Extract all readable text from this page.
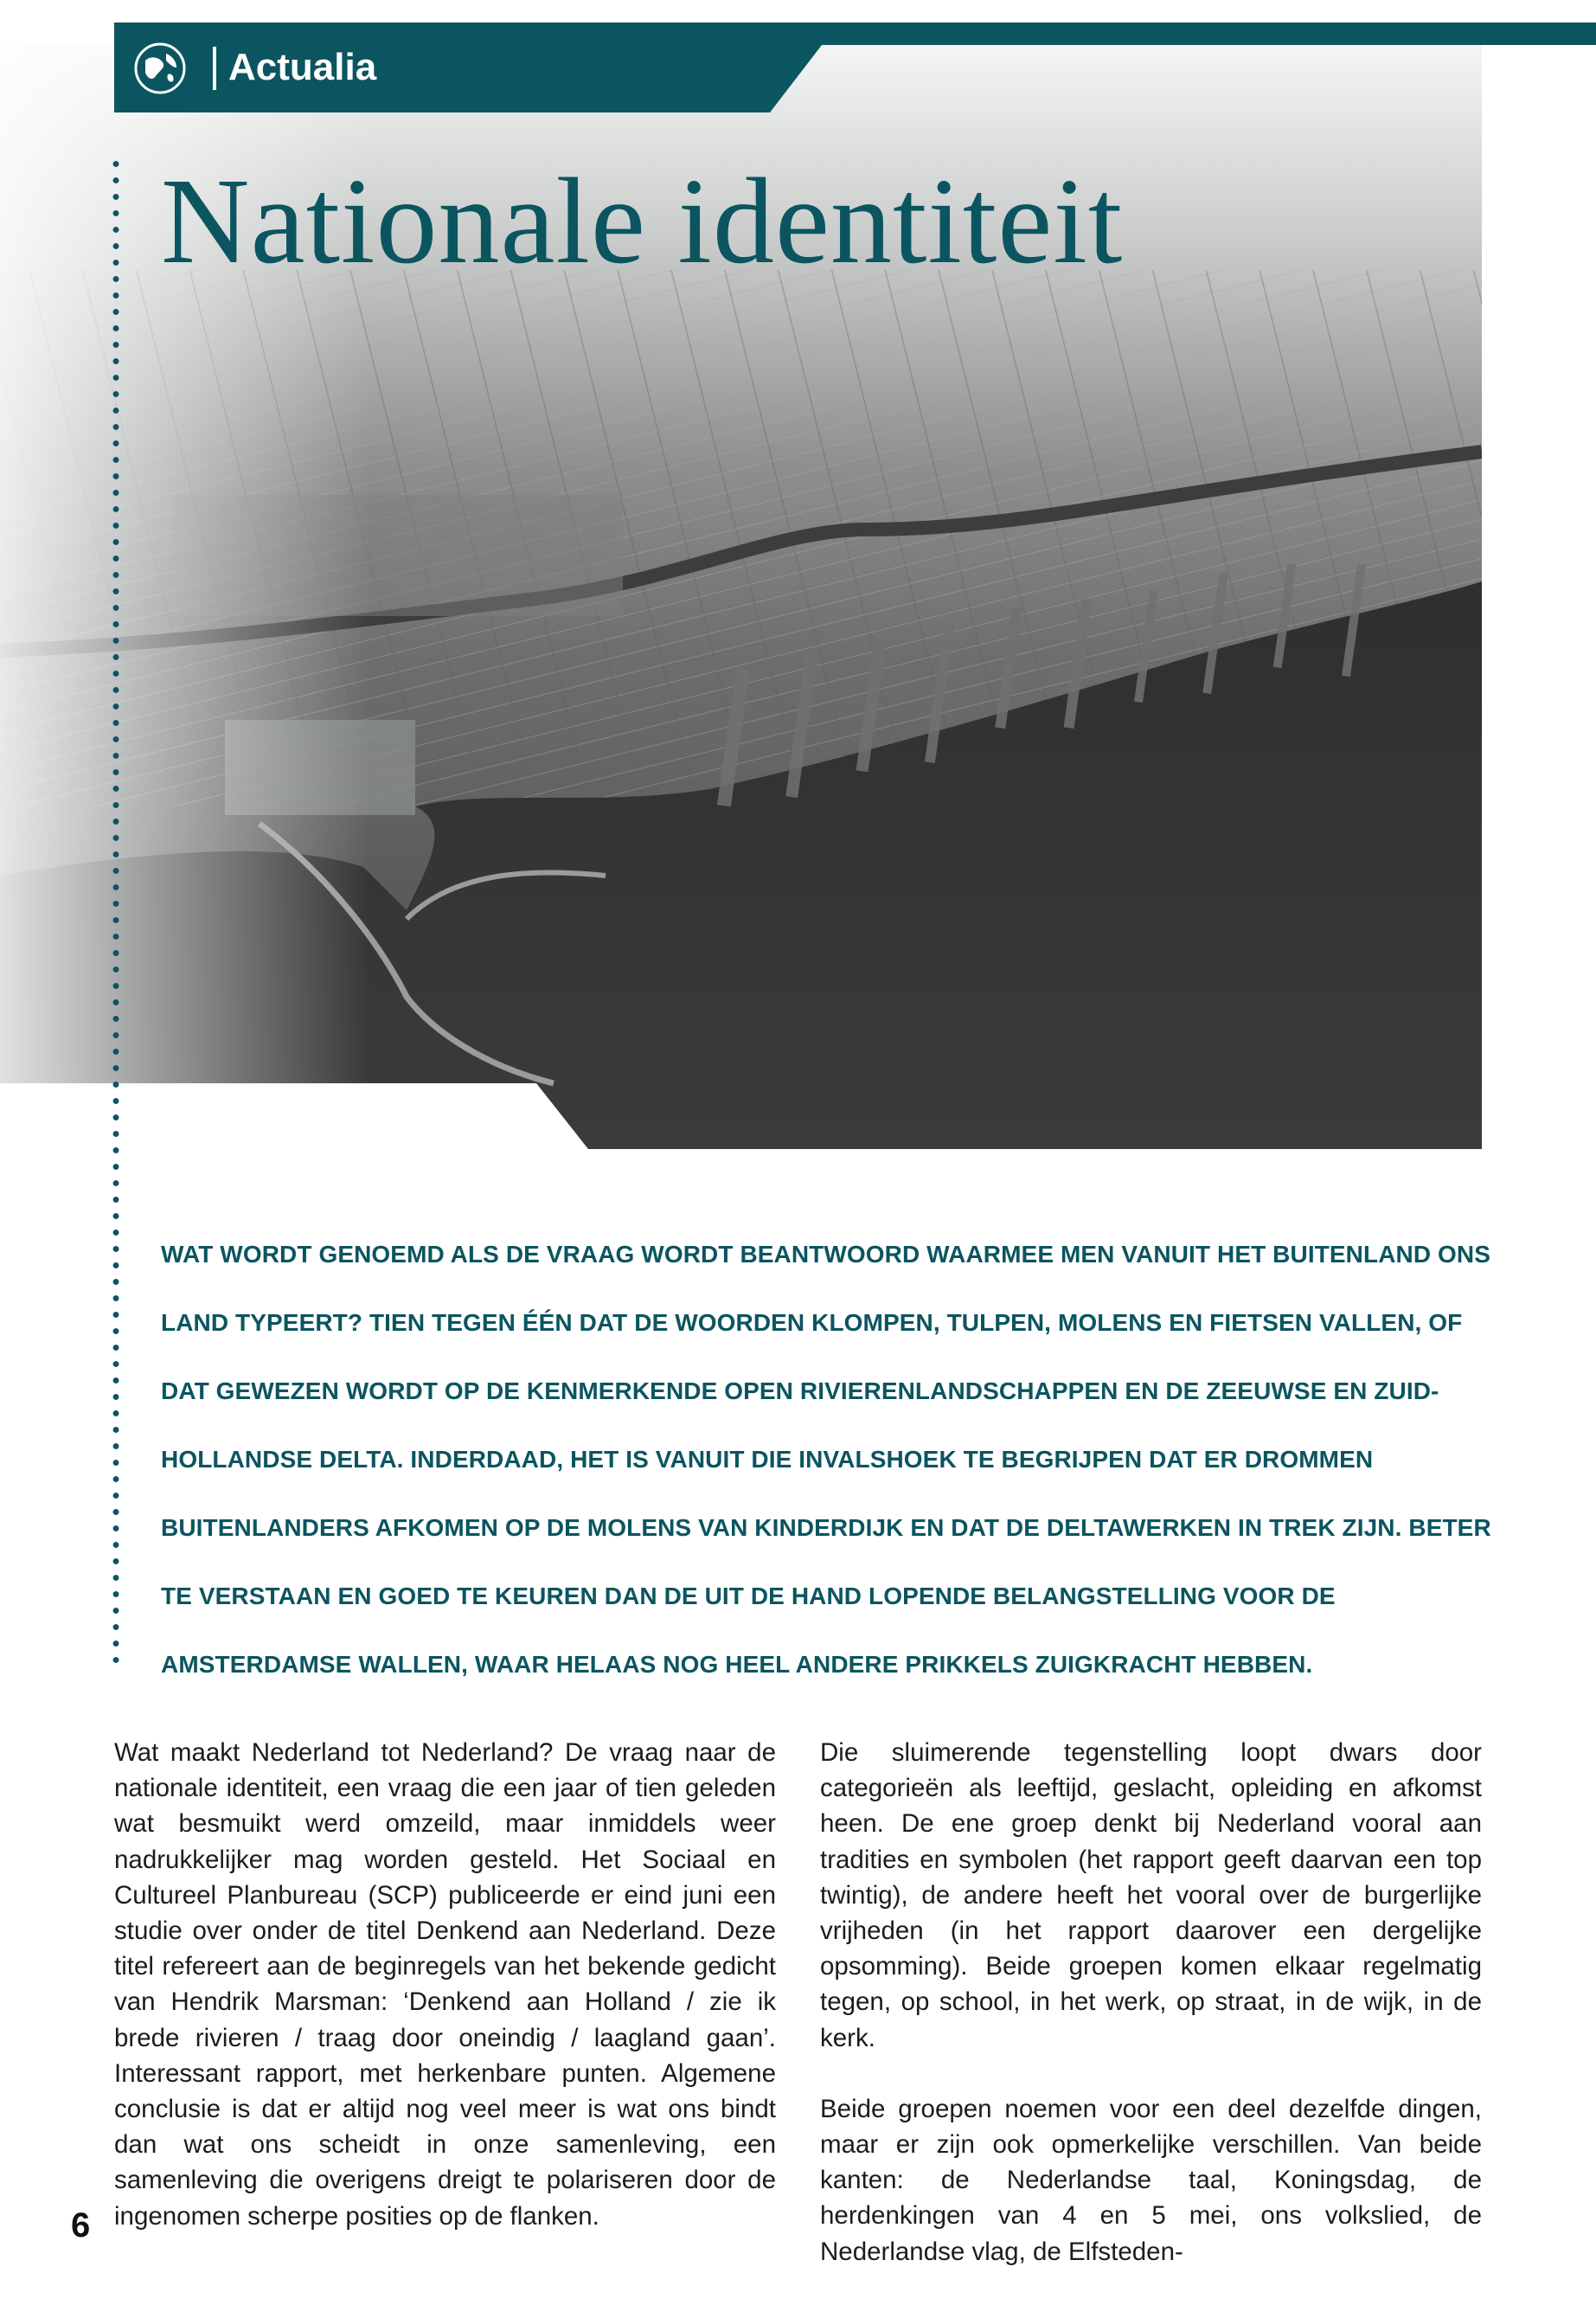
Actualia
Nationale identiteit

WAT WORDT GENOEMD ALS DE VRAAG WORDT BEANTWOORD WAARMEE MEN VANUIT HET BUITENLAND ONS LAND TYPEERT? TIEN TEGEN ÉÉN DAT DE WOORDEN KLOMPEN, TULPEN, MOLENS EN FIETSEN VALLEN, OF DAT GEWEZEN WORDT OP DE KENMERKENDE OPEN RIVIERENLANDSCHAPPEN EN DE ZEEUWSE EN ZUID-HOLLANDSE DELTA. INDERDAAD, HET IS VANUIT DIE INVALSHOEK TE BEGRIJPEN DAT ER DROMMEN BUITENLANDERS AFKOMEN OP DE MOLENS VAN KINDERDIJK EN DAT DE DELTAWERKEN IN TREK ZIJN. BETER TE VERSTAAN EN GOED TE KEUREN DAN DE UIT DE HAND LOPENDE BELANGSTELLING VOOR DE AMSTERDAMSE WALLEN, WAAR HELAAS NOG HEEL ANDERE PRIKKELS ZUIGKRACHT HEBBEN.

Wat maakt Nederland tot Nederland? De vraag naar de nationale identiteit, een vraag die een jaar of tien geleden wat besmuikt werd omzeild, maar inmiddels weer nadrukkelijker mag worden gesteld. Het Sociaal en Cultureel Planbureau (SCP) publiceerde er eind juni een studie over onder de titel Denkend aan Nederland. Deze titel refereert aan de beginregels van het bekende gedicht van Hendrik Marsman: ‘Denkend aan Holland / zie ik brede rivieren / traag door oneindig / laagland gaan’. Interessant rapport, met herkenbare punten. Algemene conclusie is dat er altijd nog veel meer is wat ons bindt dan wat ons scheidt in onze samenleving, een samenleving die overigens dreigt te polariseren door de ingenomen scherpe posities op de flanken.

Die sluimerende tegenstelling loopt dwars door categorieën als leeftijd, geslacht, opleiding en afkomst heen. De ene groep denkt bij Nederland vooral aan tradities en symbolen (het rapport geeft daarvan een top twintig), de andere heeft het vooral over de burgerlijke vrijheden (in het rapport daarover een dergelijke opsomming). Beide groepen komen elkaar regelmatig tegen, op school, in het werk, op straat, in de wijk, in de kerk.

Beide groepen noemen voor een deel dezelfde dingen, maar er zijn ook opmerkelijke verschillen. Van beide kanten: de Nederlandse taal, Koningsdag, de herdenkingen van 4 en 5 mei, ons volkslied, de Nederlandse vlag, de Elfsteden-

6
